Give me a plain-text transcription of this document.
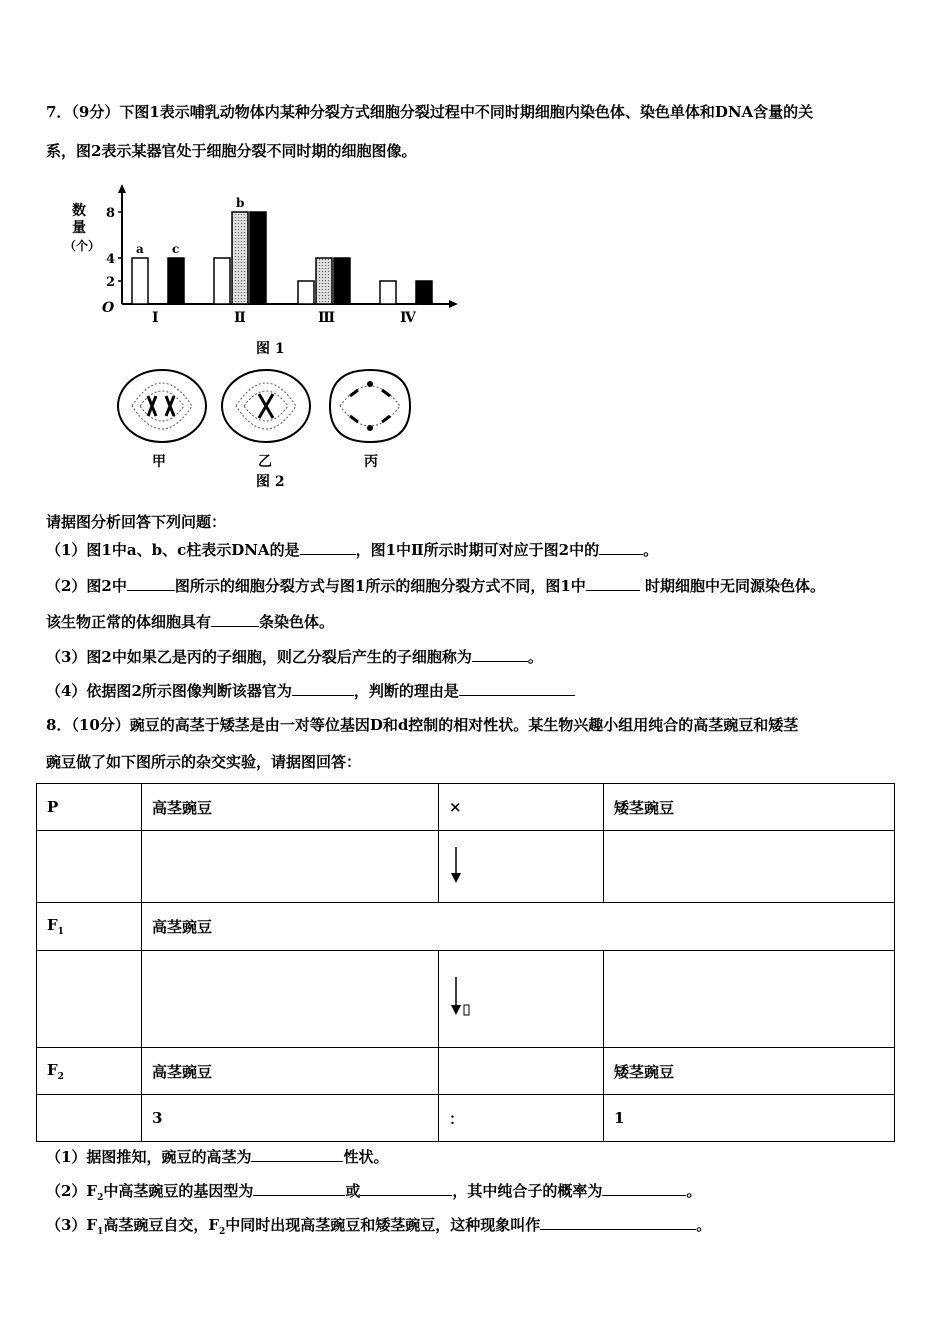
7．（9分）下图1表示哺乳动物体内某种分裂方式细胞分裂过程中不同时期细胞内染色体、染色单体和DNA含量的关
系，图2表示某器官处于细胞分裂不同时期的细胞图像。
数
量
（个）
O
2
4
8
a c
Ⅰ
b
Ⅱ	Ⅲ	Ⅳ
图 1
甲	乙	丙
图 2
请据图分析回答下列问题：
（1）图1中a、b、c柱表示DNA的是	，图1中Ⅱ所示时期可对应于图2中的	。
（2）图2中	图所示的细胞分裂方式与图1所示的细胞分裂方式不同，图1中	时期细胞中无同源染色体。
该生物正常的体细胞具有	条染色体。
（3）图2中如果乙是丙的子细胞，则乙分裂后产生的子细胞称为	。
（4）依据图2所示图像判断该器官为	，判断的理由是
8．（10分）豌豆的高茎于矮茎是由一对等位基因D和d控制的相对性状。某生物兴趣小组用纯合的高茎豌豆和矮茎
豌豆做了如下图所示的杂交实验，请据图回答：
P	高茎豌豆	×	矮茎豌豆

$F_1$	高茎豌豆		

$F_2$	高茎豌豆		矮茎豌豆
	3	：	1
（1）据图推知，豌豆的高茎为	性状。
$(2)F_2$中高茎豌豆的基因型为	或	，其中纯合子的概率为	。
$(3)F_1$高茎豌豆自交，$F_2$中同时出现高茎豌豆和矮茎豌豆，这种现象叫作	。
